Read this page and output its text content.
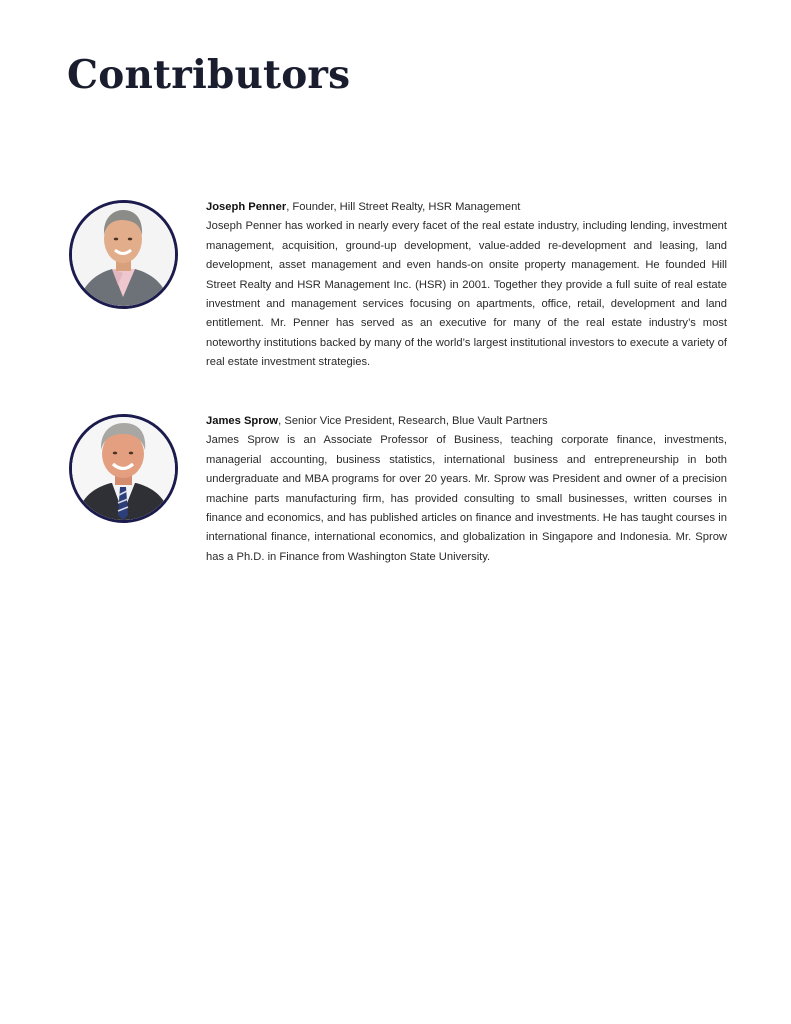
Contributors
Joseph Penner, Founder, Hill Street Realty, HSR Management

Joseph Penner has worked in nearly every facet of the real estate industry, including lending, investment management, acquisition, ground-up development, value-added re-development and leasing, land development, asset management and even hands-on onsite property management. He founded Hill Street Realty and HSR Management Inc. (HSR) in 2001. Together they provide a full suite of real estate investment and management services focusing on apartments, office, retail, development and land entitlement. Mr. Penner has served as an executive for many of the real estate industry’s most noteworthy institutions backed by many of the world’s largest institutional investors to execute a variety of real estate investment strategies.

James Sprow, Senior Vice President, Research, Blue Vault Partners

James Sprow is an Associate Professor of Business, teaching corporate finance, investments, managerial accounting, business statistics, international business and entrepreneurship in both undergraduate and MBA programs for over 20 years. Mr. Sprow was President and owner of a precision machine parts manufacturing firm, has provided consulting to small businesses, written courses in finance and economics, and has published articles on finance and investments. He has taught courses in international finance, international economics, and globalization in Singapore and Indonesia. Mr. Sprow has a Ph.D. in Finance from Washington State University.
